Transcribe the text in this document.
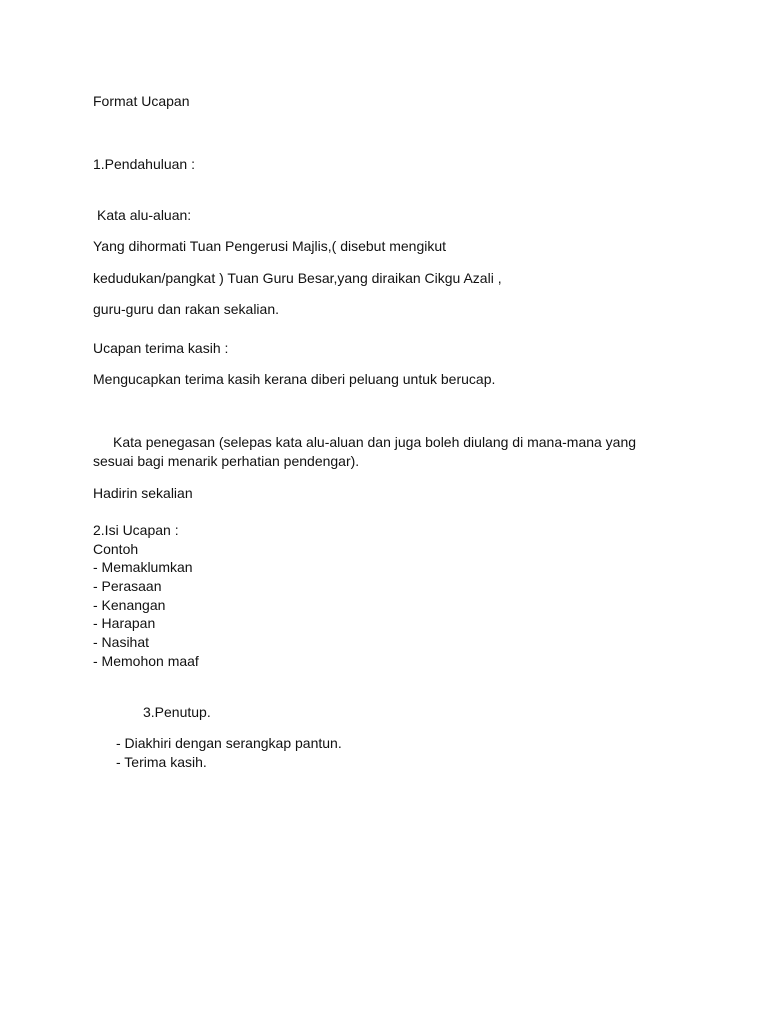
Format Ucapan
1.Pendahuluan :
Kata alu-aluan:
Yang dihormati Tuan Pengerusi Majlis,( disebut mengikut
kedudukan/pangkat ) Tuan Guru Besar,yang diraikan Cikgu Azali ,
guru-guru dan rakan sekalian.
Ucapan terima kasih :
Mengucapkan terima kasih kerana diberi peluang untuk berucap.
Kata penegasan (selepas kata alu-aluan dan juga boleh diulang di mana-mana yang
sesuai bagi menarik perhatian pendengar).
Hadirin sekalian
2.Isi Ucapan :
Contoh
- Memaklumkan
- Perasaan
- Kenangan
- Harapan
- Nasihat
- Memohon maaf
3.Penutup.
- Diakhiri dengan serangkap pantun.
- Terima kasih.
